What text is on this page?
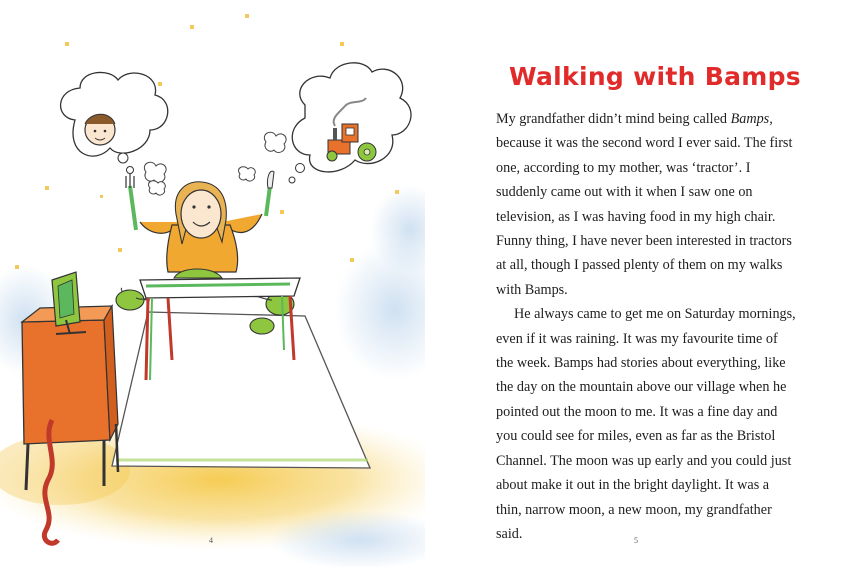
4
Walking with Bamps

My grandfather didn’t mind being called Bamps, because it was the second word I ever said. The first one, according to my mother, was ‘tractor’. I suddenly came out with it when I saw one on television, as I was having food in my high chair. Funny thing, I have never been interested in tractors at all, though I passed plenty of them on my walks with Bamps.

He always came to get me on Saturday mornings, even if it was raining. It was my favourite time of the week. Bamps had stories about everything, like the day on the mountain above our village when he pointed out the moon to me. It was a fine day and you could see for miles, even as far as the Bristol Channel. The moon was up early and you could just about make it out in the bright daylight. It was a thin, narrow moon, a new moon, my grandfather said.	5
